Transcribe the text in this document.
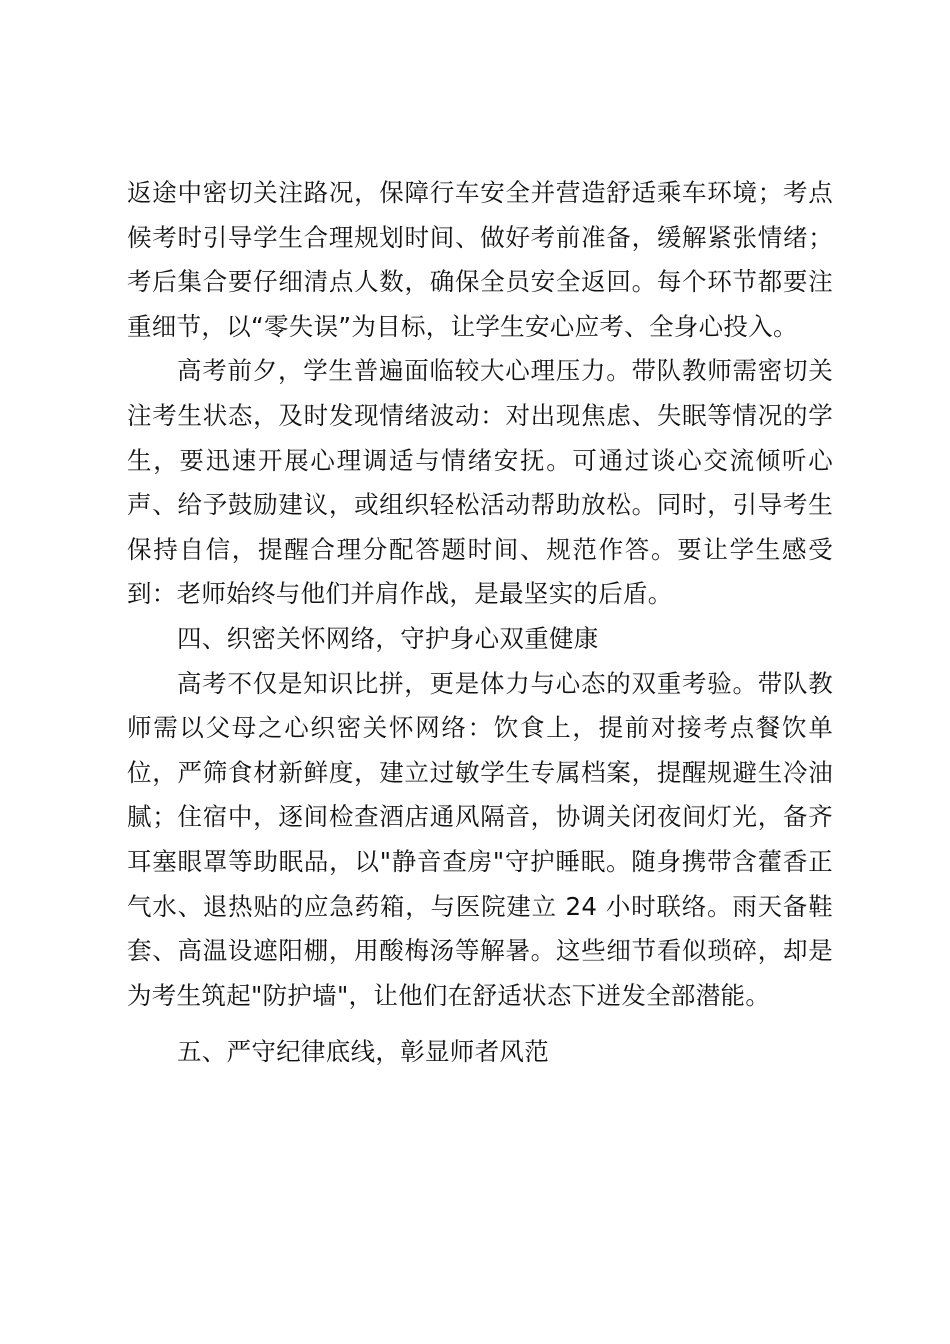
返途中密切关注路况，保障行车安全并营造舒适乘车环境；考点候考时引导学生合理规划时间、做好考前准备，缓解紧张情绪；考后集合要仔细清点人数，确保全员安全返回。每个环节都要注重细节，以“零失误”为目标，让学生安心应考、全身心投入。

高考前夕，学生普遍面临较大心理压力。带队教师需密切关注考生状态，及时发现情绪波动：对出现焦虑、失眠等情况的学生，要迅速开展心理调适与情绪安抚。可通过谈心交流倾听心声、给予鼓励建议，或组织轻松活动帮助放松。同时，引导考生保持自信，提醒合理分配答题时间、规范作答。要让学生感受到：老师始终与他们并肩作战，是最坚实的后盾。

四、织密关怀网络，守护身心双重健康

高考不仅是知识比拼，更是体力与心态的双重考验。带队教师需以父母之心织密关怀网络：饮食上，提前对接考点餐饮单位，严筛食材新鲜度，建立过敏学生专属档案，提醒规避生冷油腻；住宿中，逐间检查酒店通风隔音，协调关闭夜间灯光，备齐耳塞眼罩等助眠品，以"静音查房"守护睡眠。随身携带含藿香正气水、退热贴的应急药箱，与医院建立 24 小时联络。雨天备鞋套、高温设遮阳棚，用酸梅汤等解暑。这些细节看似琐碎，却是为考生筑起"防护墙"，让他们在舒适状态下迸发全部潜能。

五、严守纪律底线，彰显师者风范
